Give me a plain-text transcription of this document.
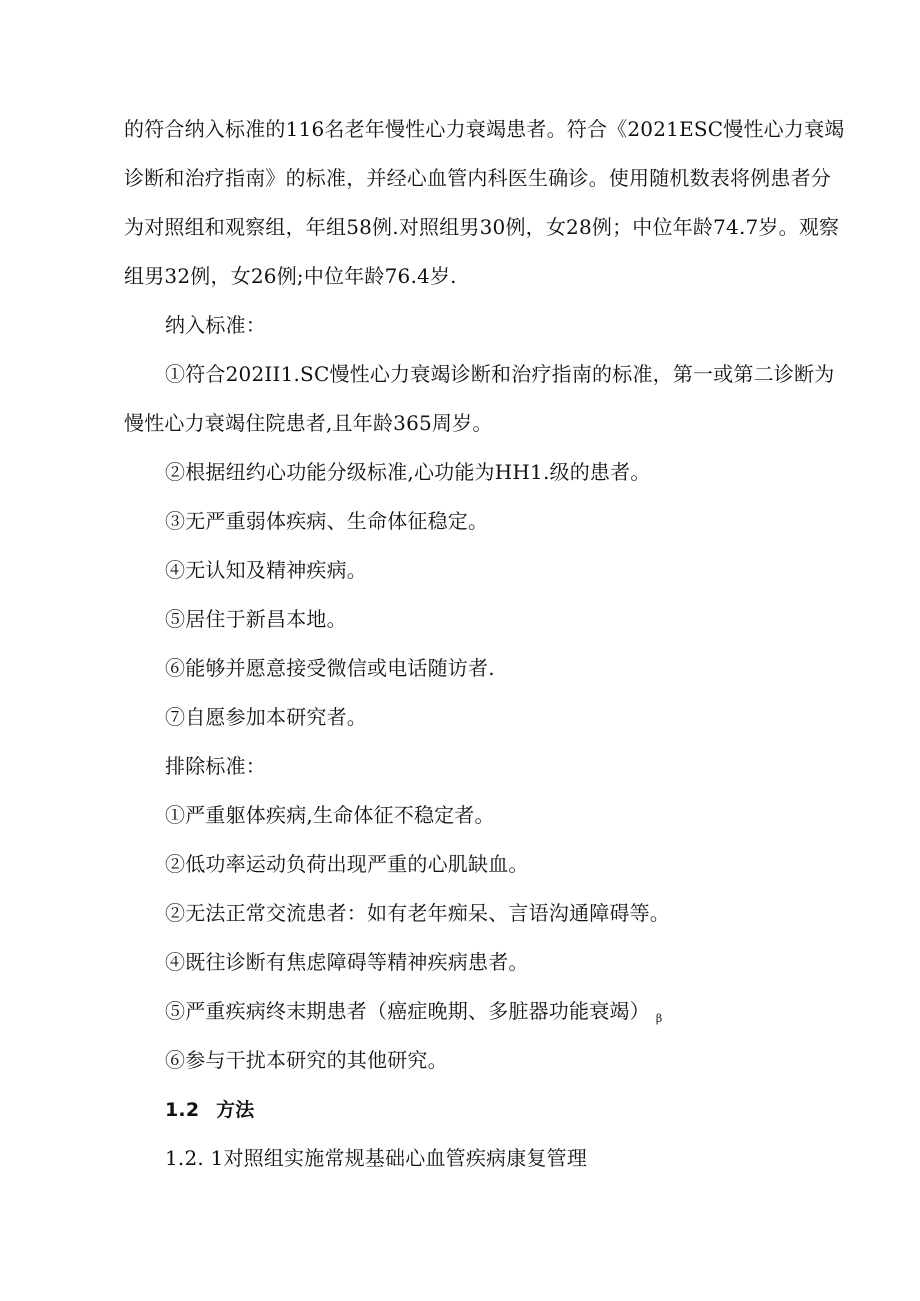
的符合纳入标准的116名老年慢性心力衰竭患者。符合《2021ESC慢性心力衰竭
诊断和治疗指南》的标准，并经心血管内科医生确诊。使用随机数表将例患者分
为对照组和观察组，年组58例.对照组男30例，女28例；中位年龄74.7岁。观察
组男32例，女26例;中位年龄76.4岁.
纳入标准：
①符合202II1.SC慢性心力衰竭诊断和治疗指南的标准，第一或第二诊断为
慢性心力衰竭住院患者,且年龄365周岁。
②根据纽约心功能分级标准,心功能为HH1.级的患者。
③无严重弱体疾病、生命体征稳定。
④无认知及精神疾病。
⑤居住于新昌本地。
⑥能够并愿意接受微信或电话随访者.
⑦自愿参加本研究者。
排除标准：
①严重躯体疾病,生命体征不稳定者。
②低功率运动负荷出现严重的心肌缺血。
②无法正常交流患者：如有老年痴呆、言语沟通障碍等。
④既往诊断有焦虑障碍等精神疾病患者。
⑤严重疾病终末期患者（癌症晚期、多脏器功能衰竭） $_\beta$
⑥参与干扰本研究的其他研究。
1.2 方法
1.2. 1对照组实施常规基础心血管疾病康复管理
